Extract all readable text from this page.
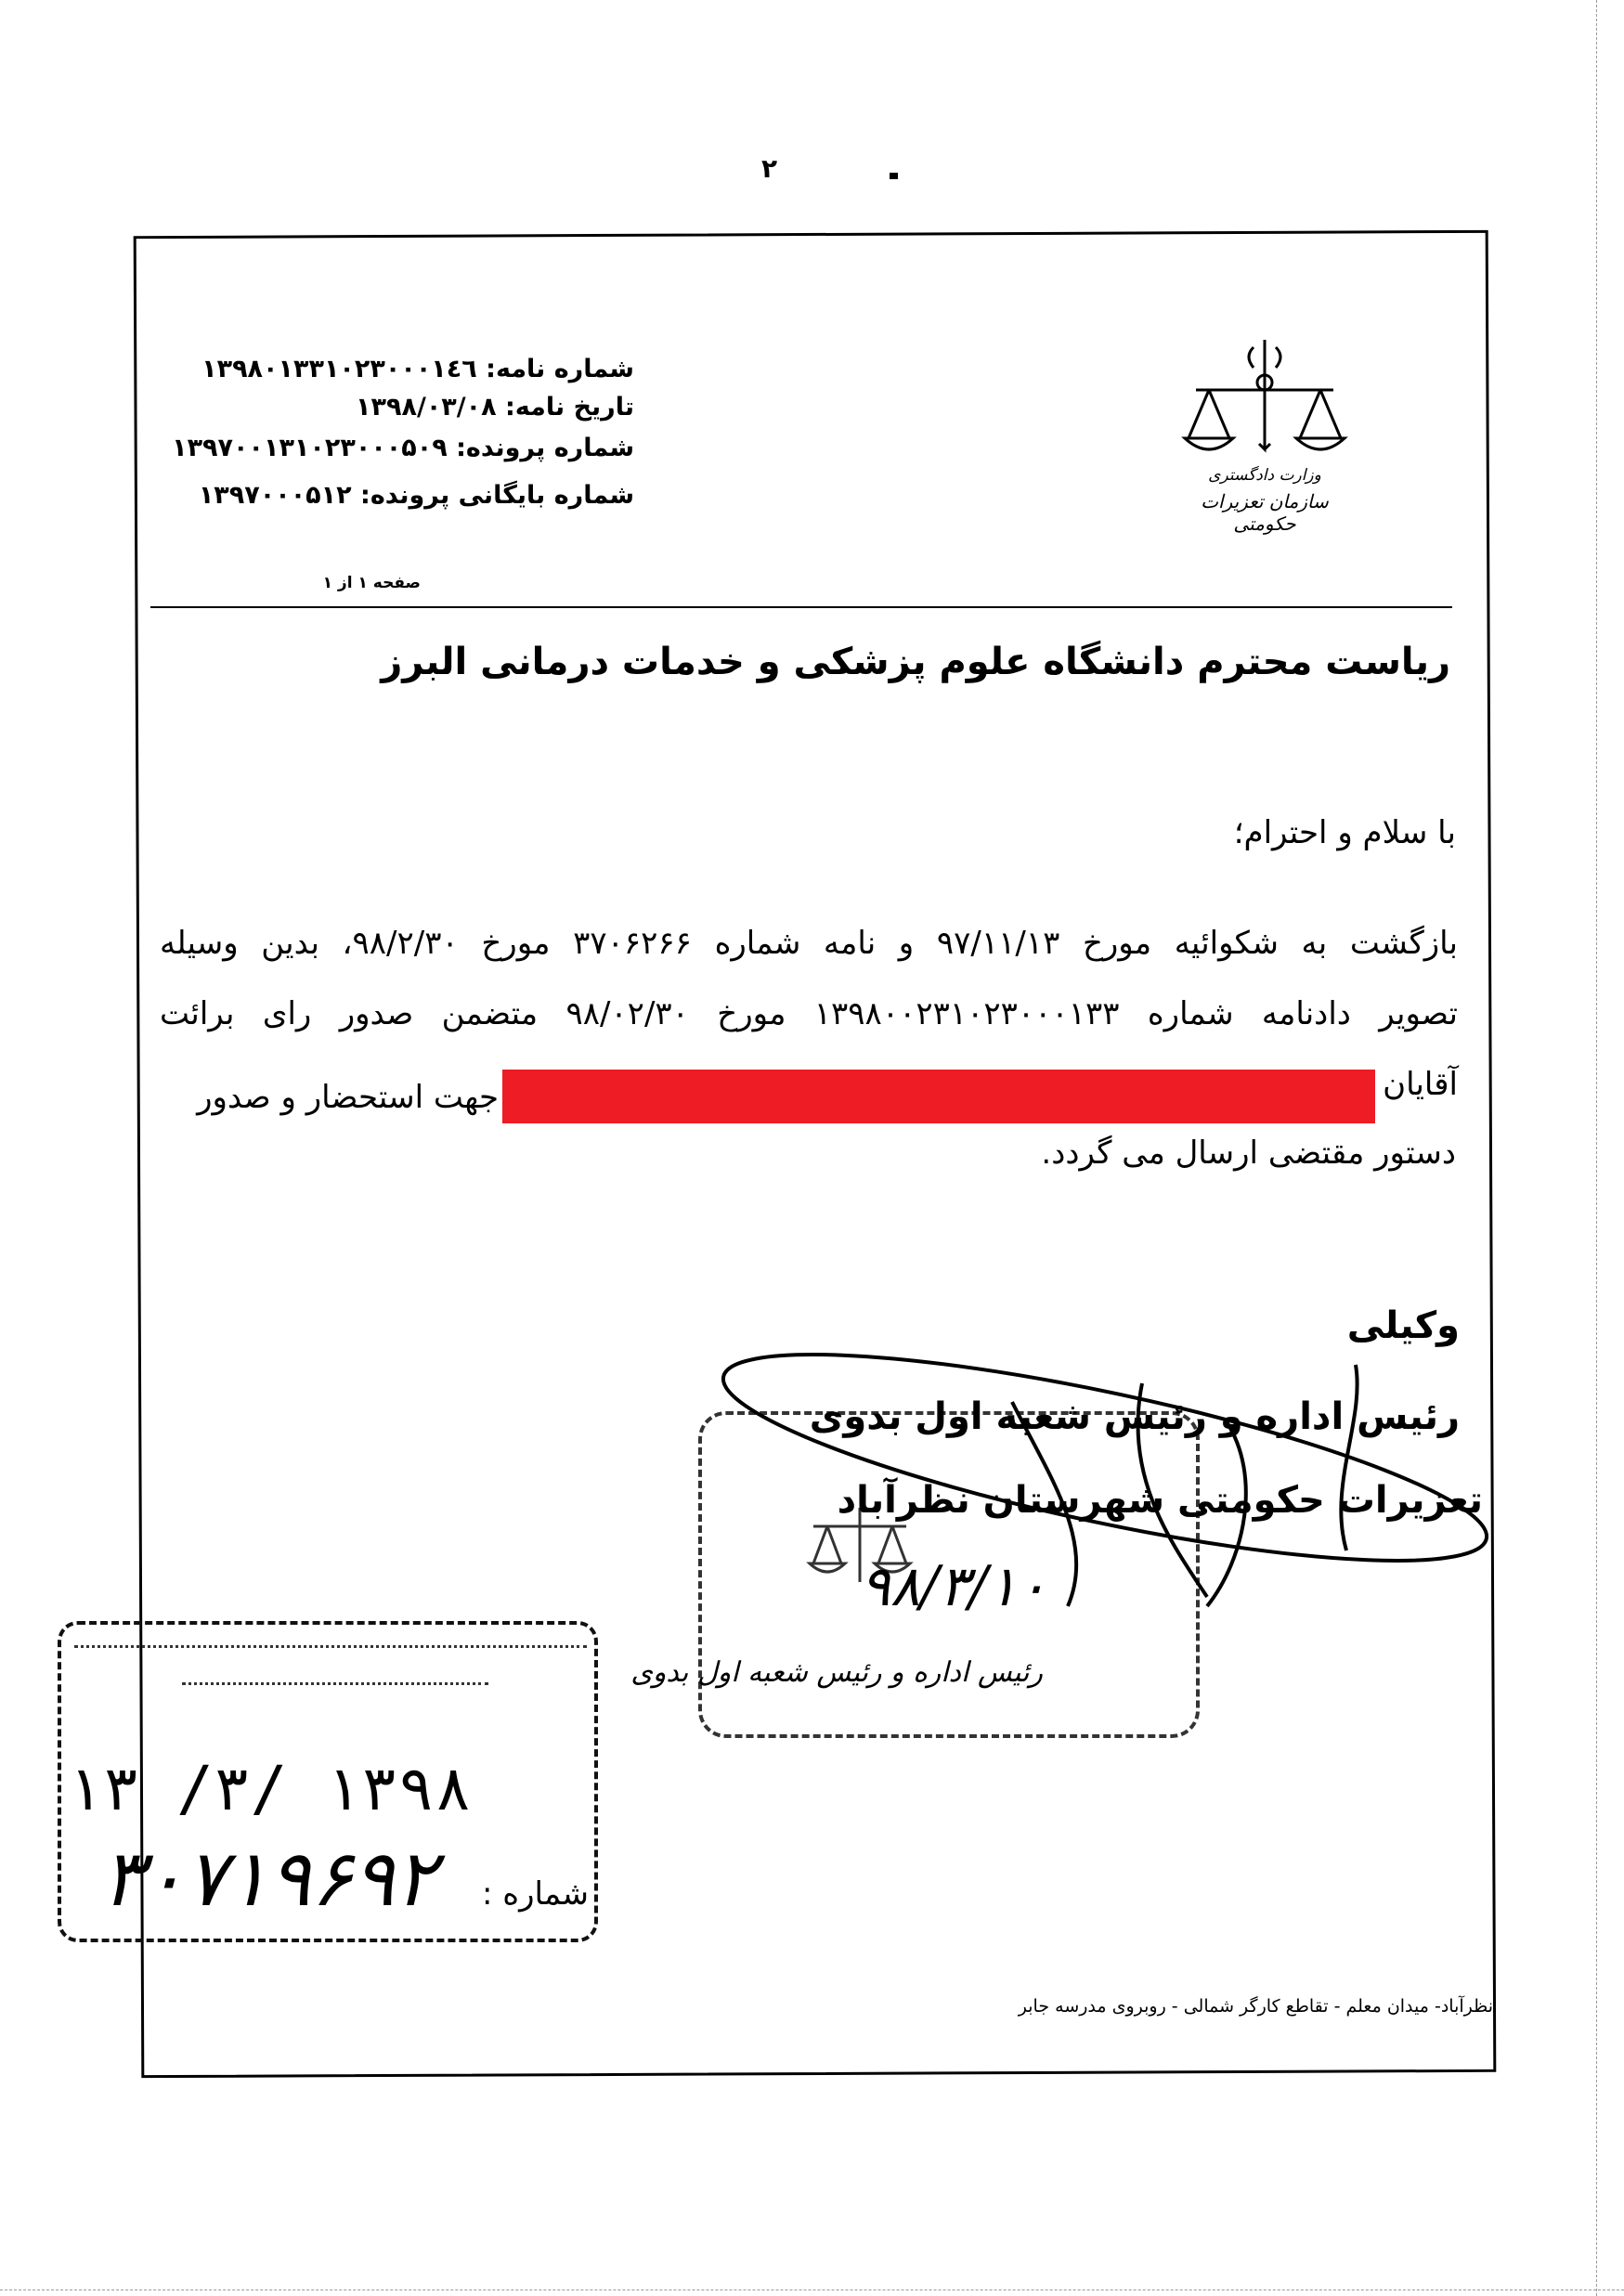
۲
وزارت دادگستری
سازمان تعزیرات حکومتی
شماره نامه: ۱۳۹۸۰۱۳۳۱۰۲۳۰۰۰۱٤٦
تاریخ نامه: ۱۳۹۸/۰۳/۰۸
شماره پرونده: ۱۳۹۷۰۰۱۳۱۰۲۳۰۰۰۵۰۹
شماره بایگانی پرونده: ۱۳۹۷۰۰۰۵۱۲
صفحه ۱ از ۱
ریاست محترم دانشگاه علوم پزشکی و خدمات درمانی البرز
با سلام و احترام؛
بازگشت به شکوائیه مورخ ۹۷/۱۱/۱۳ و نامه شماره ۳۷۰۶۲۶۶ مورخ ۹۸/۲/۳۰، بدین وسیله
تصویر دادنامه شماره ۱۳۹۸۰۰۲۳۱۰۲۳۰۰۰۱۳۳ مورخ ۹۸/۰۲/۳۰ متضمن صدور رای برائت
آقایان
جهت استحضار و صدور
دستور مقتضی ارسال می گردد.
رئیس اداره و رئیس شعبه اول بدوی
۹۸/۳/۱۰
وکیلی
رئیس اداره و رئیس شعبه اول بدوی
تعزیرات حکومتی شهرستان نظرآباد
۱۳۹۸ /۳/ ۱۳
شماره :
۳۰۷۱۹۶۹۲
نظرآباد- میدان معلم - تقاطع کارگر شمالی - روبروی مدرسه جابر
